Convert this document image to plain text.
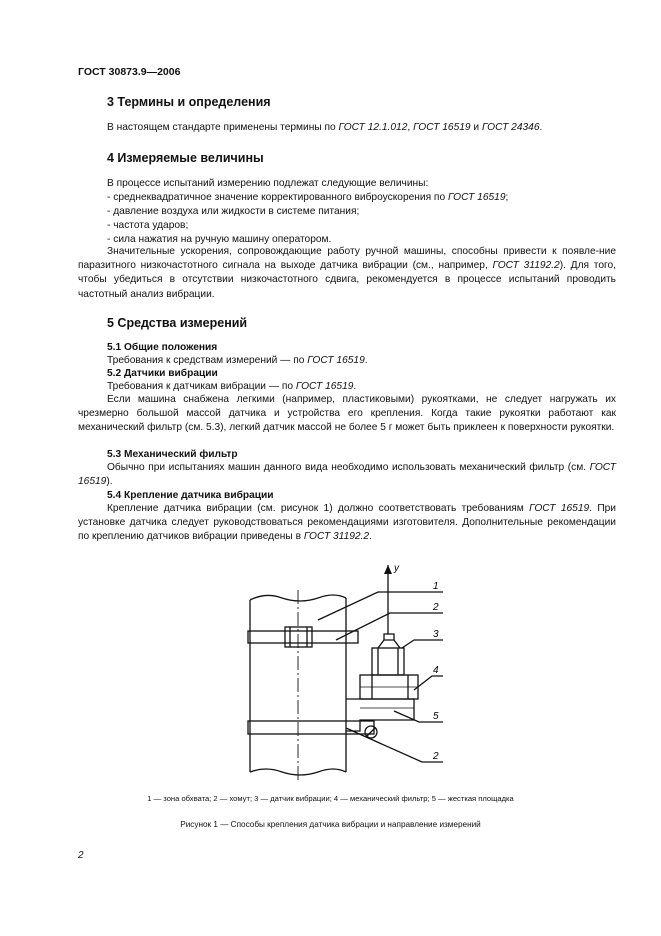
ГОСТ 30873.9—2006
3 Термины и определения
В настоящем стандарте применены термины по ГОСТ 12.1.012, ГОСТ 16519 и ГОСТ 24346.
4 Измеряемые величины
В процессе испытаний измерению подлежат следующие величины:
- среднеквадратичное значение корректированного виброускорения по ГОСТ 16519;
- давление воздуха или жидкости в системе питания;
- частота ударов;
- сила нажатия на ручную машину оператором.
Значительные ускорения, сопровождающие работу ручной машины, способны привести к появле-ние паразитного низкочастотного сигнала на выходе датчика вибрации (см., например, ГОСТ 31192.2). Для того, чтобы убедиться в отсутствии низкочастотного сдвига, рекомендуется в процессе испытаний проводить частотный анализ вибрации.
5 Средства измерений
5.1 Общие положения
Требования к средствам измерений — по ГОСТ 16519.
5.2 Датчики вибрации
Требования к датчикам вибрации — по ГОСТ 16519.
Если машина снабжена легкими (например, пластиковыми) рукоятками, не следует нагружать их чрезмерно большой массой датчика и устройства его крепления. Когда такие рукоятки работают как механический фильтр (см. 5.3), легкий датчик массой не более 5 г может быть приклеен к поверхности рукоятки.
5.3 Механический фильтр
Обычно при испытаниях машин данного вида необходимо использовать механический фильтр (см. ГОСТ 16519).
5.4 Крепление датчика вибрации
Крепление датчика вибрации (см. рисунок 1) должно соответствовать требованиям ГОСТ 16519. При установке датчика следует руководствоваться рекомендациями изготовителя. Дополнительные рекомендации по креплению датчиков вибрации приведены в ГОСТ 31192.2.
y
1
2
3
4
5
2
1 — зона обхвата; 2 — хомут; 3 — датчик вибрации; 4 — механический фильтр; 5 — жесткая площадка
Рисунок 1 — Способы крепления датчика вибрации и направление измерений
2
